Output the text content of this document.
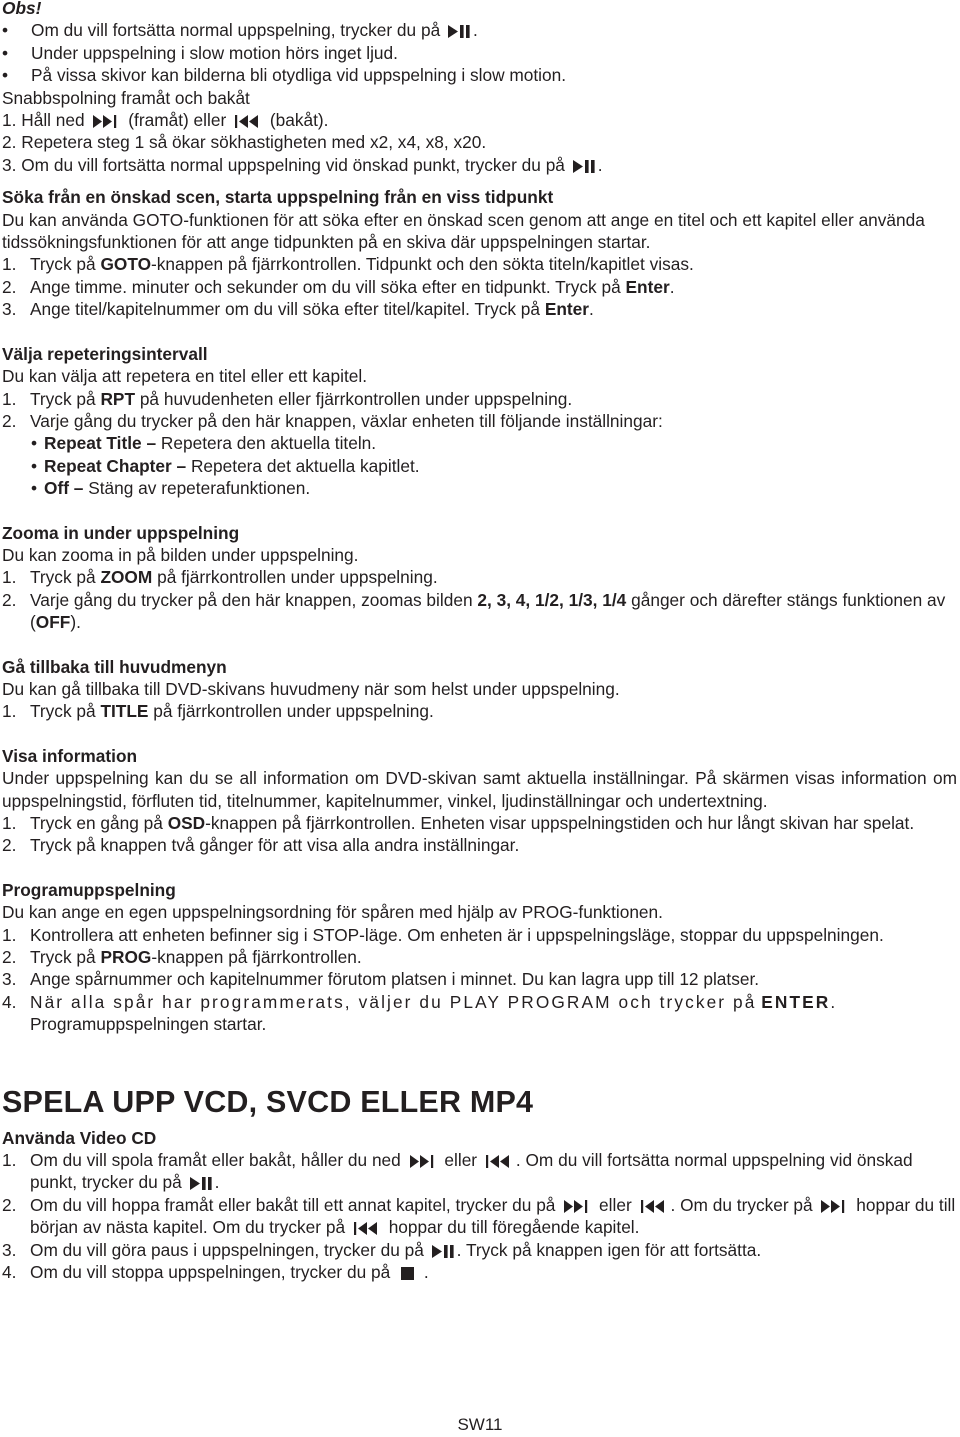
Obs!
• Om du vill fortsätta normal uppspelning, trycker du på .
• Under uppspelning i slow motion hörs inget ljud.
• På vissa skivor kan bilderna bli otydliga vid uppspelning i slow motion.
Snabbspolning framåt och bakåt
1. Håll ned	(framåt) eller	(bakåt).
2. Repetera steg 1 så ökar sökhastigheten med x2, x4, x8, x20.
3. Om du vill fortsätta normal uppspelning vid önskad punkt, trycker du på .
Söka från en önskad scen, starta uppspelning från en viss tidpunkt
Du kan använda GOTO-funktionen för att söka efter en önskad scen genom att ange en titel och ett kapitel eller använda tidssökningsfunktionen för att ange tidpunkten på en skiva där uppspelningen startar.
1. Tryck på GOTO-knappen på fjärrkontrollen. Tidpunkt och den sökta titeln/kapitlet visas.
2. Ange timme. minuter och sekunder om du vill söka efter en tidpunkt. Tryck på Enter.
3. Ange titel/kapitelnummer om du vill söka efter titel/kapitel. Tryck på Enter.
Välja repeteringsintervall
Du kan välja att repetera en titel eller ett kapitel.
1. Tryck på RPT på huvudenheten eller fjärrkontrollen under uppspelning.
2. Varje gång du trycker på den här knappen, växlar enheten till följande inställningar:
• Repeat Title – Repetera den aktuella titeln.
• Repeat Chapter – Repetera det aktuella kapitlet.
• Off – Stäng av repeterafunktionen.
Zooma in under uppspelning
Du kan zooma in på bilden under uppspelning.
1. Tryck på ZOOM på fjärrkontrollen under uppspelning.
2. Varje gång du trycker på den här knappen, zoomas bilden 2, 3, 4, 1/2, 1/3, 1/4 gånger och därefter stängs funktionen av (OFF).
Gå tillbaka till huvudmenyn
Du kan gå tillbaka till DVD-skivans huvudmeny när som helst under uppspelning.
1. Tryck på TITLE på fjärrkontrollen under uppspelning.
Visa information
Under uppspelning kan du se all information om DVD-skivan samt aktuella inställningar. På skärmen visas information om uppspelningstid, förfluten tid, titelnummer, kapitelnummer, vinkel, ljudinställningar och undertextning.
1. Tryck en gång på OSD-knappen på fjärrkontrollen. Enheten visar uppspelningstiden och hur långt skivan har spelat.
2. Tryck på knappen två gånger för att visa alla andra inställningar.
Programuppspelning
Du kan ange en egen uppspelningsordning för spåren med hjälp av PROG-funktionen.
1. Kontrollera att enheten befinner sig i STOP-läge. Om enheten är i uppspelningsläge, stoppar du uppspelningen.
2. Tryck på PROG-knappen på fjärrkontrollen.
3. Ange spårnummer och kapitelnummer förutom platsen i minnet. Du kan lagra upp till 12 platser.
4. När alla spår har programmerats, väljer du PLAY PROGRAM och trycker på ENTER.
Programuppspelningen startar.
SPELA UPP VCD, SVCD ELLER MP4
Använda Video CD
1. Om du vill spola framåt eller bakåt, håller du ned	eller . Om du vill fortsätta normal uppspelning vid önskad punkt, trycker du på .
2. Om du vill hoppa framåt eller bakåt till ett annat kapitel, trycker du på	eller . Om du trycker på	hoppar du till början av nästa kapitel. Om du trycker på	hoppar du till föregående kapitel.
3. Om du vill göra paus i uppspelningen, trycker du på . Tryck på knappen igen för att fortsätta.
4. Om du vill stoppa uppspelningen, trycker du på .
SW11
